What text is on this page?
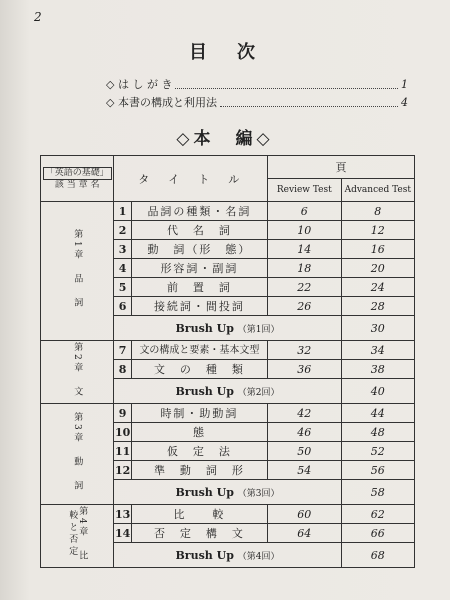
2
目　次
◇ は し が き	1
◇ 本書の構成と利用法	4
◇本　編◇
「英語の基礎」
該 当 章 名	タ　イ　ト　ル		頁	
			Review Test	Advanced Test
第1章　品　詞	1	品詞の種類・名詞	6	8
	2	代　名　詞	10	12
	3	動　詞（形　態）	14	16
	4	形容詞・副詞	18	20
	5	前　置　詞	22	24
	6	接続詞・間投詞	26	28
	Brush Up （第1回）			30
第2章　文	7	文の構成と要素・基本文型	32	34
	8	文　の　種　類	36	38
	Brush Up （第2回）			40
第3章　動　詞	9	時制・助動詞	42	44
	10	態	46	48
	11	仮　定　法	50	52
	12	準　動　詞　形	54	56
	Brush Up （第3回）			58
第4章　比較と否定	13	比　　較	60	62
	14	否　定　構　文	64	66
	Brush Up （第4回）			68
